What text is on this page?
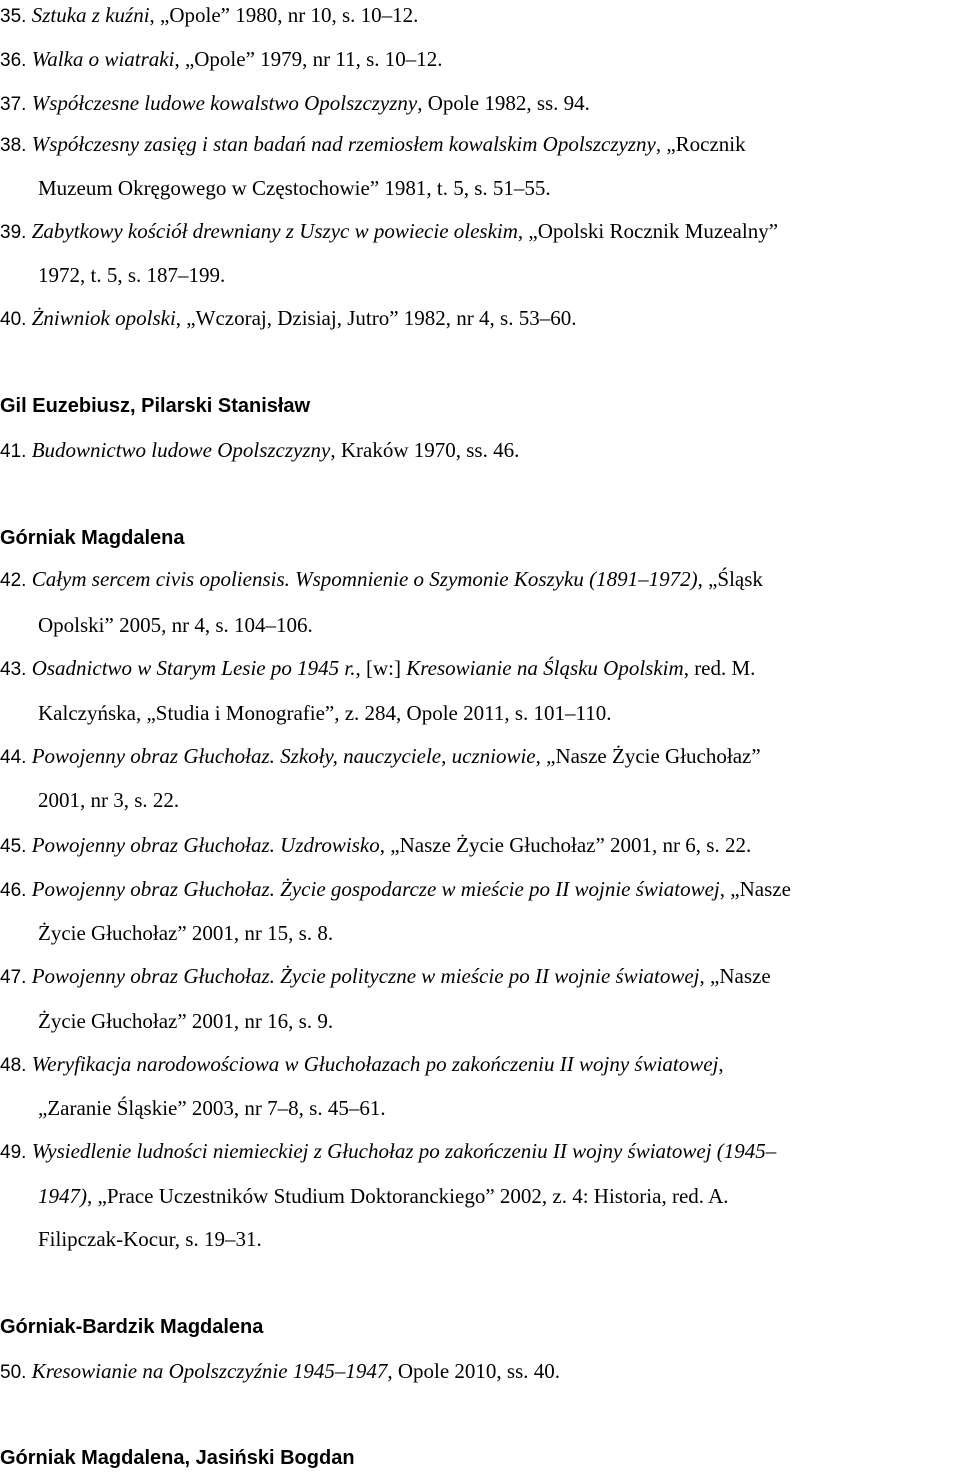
35. Sztuka z kuźni, „Opole” 1980, nr 10, s. 10–12.
36. Walka o wiatraki, „Opole” 1979, nr 11, s. 10–12.
37. Współczesne ludowe kowalstwo Opolszczyzny, Opole 1982, ss. 94.
38. Współczesny zasięg i stan badań nad rzemiosłem kowalskim Opolszczyzny, „Rocznik
Muzeum Okręgowego w Częstochowie” 1981, t. 5, s. 51–55.
39. Zabytkowy kościół drewniany z Uszyc w powiecie oleskim, „Opolski Rocznik Muzealny”
1972, t. 5, s. 187–199.
40. Żniwniok opolski, „Wczoraj, Dzisiaj, Jutro” 1982, nr 4, s. 53–60.
Gil Euzebiusz, Pilarski Stanisław
41. Budownictwo ludowe Opolszczyzny, Kraków 1970, ss. 46.
Górniak Magdalena
42. Całym sercem civis opoliensis. Wspomnienie o Szymonie Koszyku (1891–1972), „Śląsk
Opolski” 2005, nr 4, s. 104–106.
43. Osadnictwo w Starym Lesie po 1945 r., [w:] Kresowianie na Śląsku Opolskim, red. M.
Kalczyńska, „Studia i Monografie”, z. 284, Opole 2011, s. 101–110.
44. Powojenny obraz Głuchołaz. Szkoły, nauczyciele, uczniowie, „Nasze Życie Głuchołaz”
2001, nr 3, s. 22.
45. Powojenny obraz Głuchołaz. Uzdrowisko, „Nasze Życie Głuchołaz” 2001, nr 6, s. 22.
46. Powojenny obraz Głuchołaz. Życie gospodarcze w mieście po II wojnie światowej, „Nasze
Życie Głuchołaz” 2001, nr 15, s. 8.
47. Powojenny obraz Głuchołaz. Życie polityczne w mieście po II wojnie światowej, „Nasze
Życie Głuchołaz” 2001, nr 16, s. 9.
48. Weryfikacja narodowościowa w Głuchołazach po zakończeniu II wojny światowej,
„Zaranie Śląskie” 2003, nr 7–8, s. 45–61.
49. Wysiedlenie ludności niemieckiej z Głuchołaz po zakończeniu II wojny światowej (1945–
1947), „Prace Uczestników Studium Doktoranckiego” 2002, z. 4: Historia, red. A.
Filipczak-Kocur, s. 19–31.
Górniak-Bardzik Magdalena
50. Kresowianie na Opolszczyźnie 1945–1947, Opole 2010, ss. 40.
Górniak Magdalena, Jasiński Bogdan
